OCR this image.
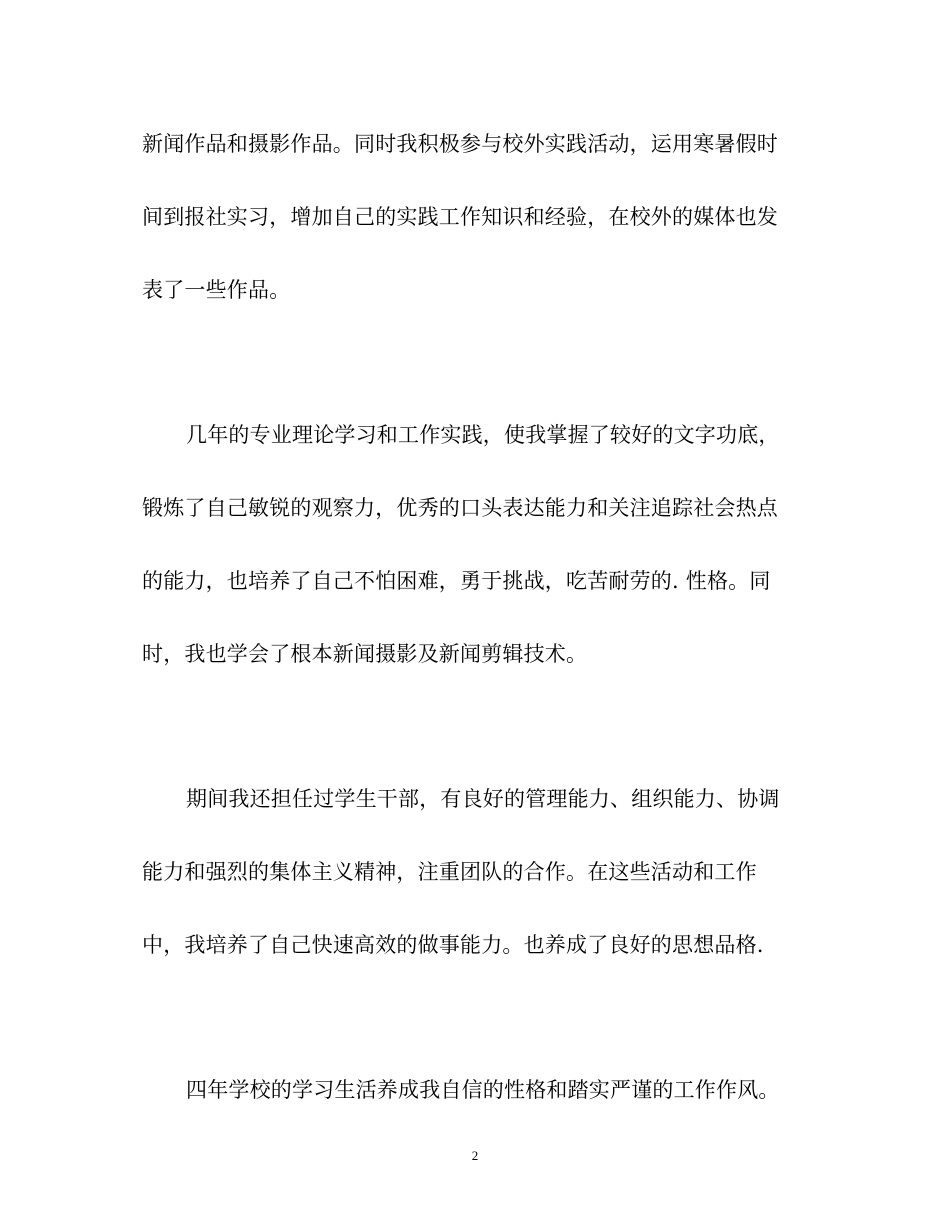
新闻作品和摄影作品。同时我积极参与校外实践活动，运用寒暑假时
间到报社实习，增加自己的实践工作知识和经验，在校外的媒体也发
表了一些作品。
几年的专业理论学习和工作实践，使我掌握了较好的文字功底，
锻炼了自己敏锐的观察力，优秀的口头表达能力和关注追踪社会热点
的能力，也培养了自己不怕困难，勇于挑战，吃苦耐劳的. 性格。同
时，我也学会了根本新闻摄影及新闻剪辑技术。
期间我还担任过学生干部，有良好的管理能力、组织能力、协调
能力和强烈的集体主义精神，注重团队的合作。在这些活动和工作
中，我培养了自己快速高效的做事能力。也养成了良好的思想品格.
四年学校的学习生活养成我自信的性格和踏实严谨的工作作风。
2
